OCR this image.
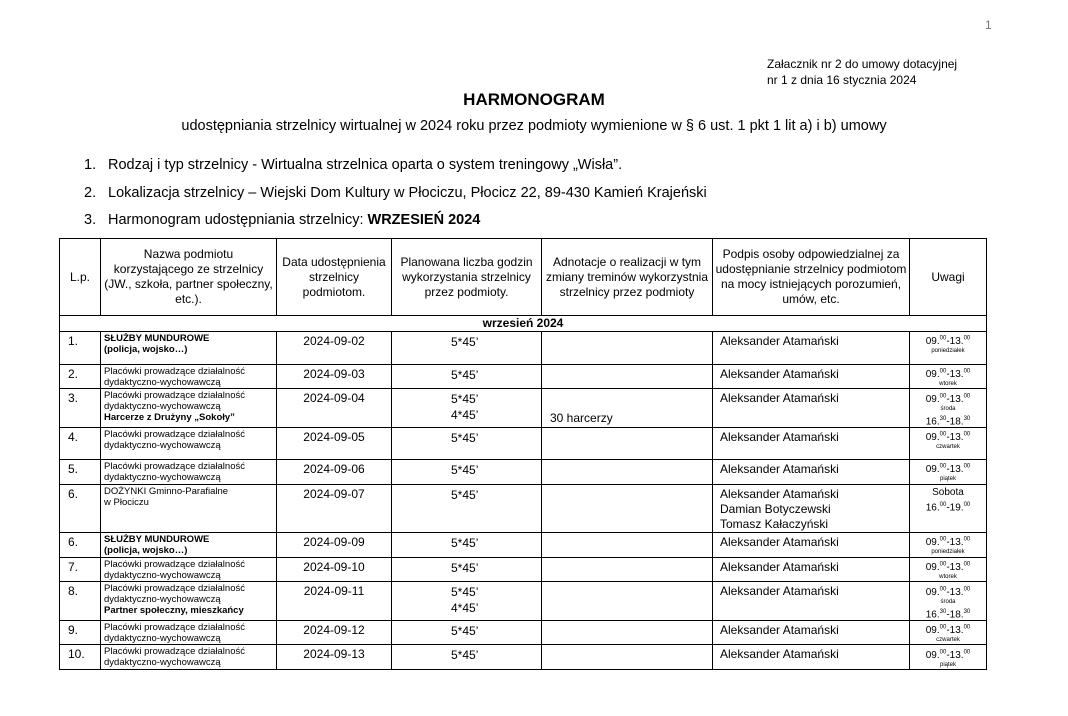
1
Załacznik nr 2 do umowy dotacyjnej
nr 1 z dnia 16 stycznia 2024
HARMONOGRAM
udostępniania strzelnicy wirtualnej w 2024 roku przez podmioty wymienione w § 6 ust. 1 pkt 1 lit a) i b) umowy
1. Rodzaj i typ strzelnicy - Wirtualna strzelnica oparta o system treningowy „Wisła”.
2. Lokalizacja strzelnicy – Wiejski Dom Kultury w Płociczu, Płocicz 22, 89-430 Kamień Krajeński
3. Harmonogram udostępniania strzelnicy: WRZESIEŃ 2024
L.p.	Nazwa podmiotu korzystającego ze strzelnicy (JW., szkoła, partner społeczny, etc.).	Data udostępnienia strzelnicy podmiotom.	Planowana liczba godzin wykorzystania strzelnicy przez podmioty.	Adnotacje o realizacji w tym zmiany treminów wykorzystnia strzelnicy przez podmioty	Podpis osoby odpowiedzialnej za udostępnianie strzelnicy podmiotom na mocy istniejących porozumień, umów, etc.	Uwagi
wrzesień 2024						
1.	SŁUŻBY MUNDUROWE
(policja, wojsko…)	2024-09-02	5*45’		Aleksander Atamański	09.00-13.00
poniedziałek

2.	Placówki prowadzące działalność
dydaktyczno-wychowawczą	2024-09-03	5*45’		Aleksander Atamański	09.00-13.00
wtorek

3.	Placówki prowadzące działalność
dydaktyczno-wychowawczą
Harcerze z Drużyny „Sokoły”	2024-09-04	5*45’
4*45’	30 harcerzy	Aleksander Atamański	09.00-13.00
środa
16.30-18.30

4.	Placówki prowadzące działalność
dydaktyczno-wychowawczą	2024-09-05	5*45’		Aleksander Atamański	09.00-13.00
czwartek

5.	Placówki prowadzące działalność
dydaktyczno-wychowawczą	2024-09-06	5*45’		Aleksander Atamański	09.00-13.00
piątek

6.	DOŻYNKI Gminno-Parafialne
w Płociczu	2024-09-07	5*45’		Aleksander Atamański
Damian Botyczewski
Tomasz Kałaczyński	Sobota
16.00-19.00

6.	SŁUŻBY MUNDUROWE
(policja, wojsko…)	2024-09-09	5*45’		Aleksander Atamański	09.00-13.00
poniedziałek

7.	Placówki prowadzące działalność
dydaktyczno-wychowawczą	2024-09-10	5*45’		Aleksander Atamański	09.00-13.00
wtorek

8.	Placówki prowadzące działalność
dydaktyczno-wychowawczą
Partner społeczny, mieszkańcy	2024-09-11	5*45’
4*45’		Aleksander Atamański	09.00-13.00
środa
16.30-18.30

9.	Placówki prowadzące działalność
dydaktyczno-wychowawczą	2024-09-12	5*45’		Aleksander Atamański	09.00-13.00
czwartek

10.	Placówki prowadzące działalność
dydaktyczno-wychowawczą	2024-09-13	5*45’		Aleksander Atamański	09.00-13.00
piątek
